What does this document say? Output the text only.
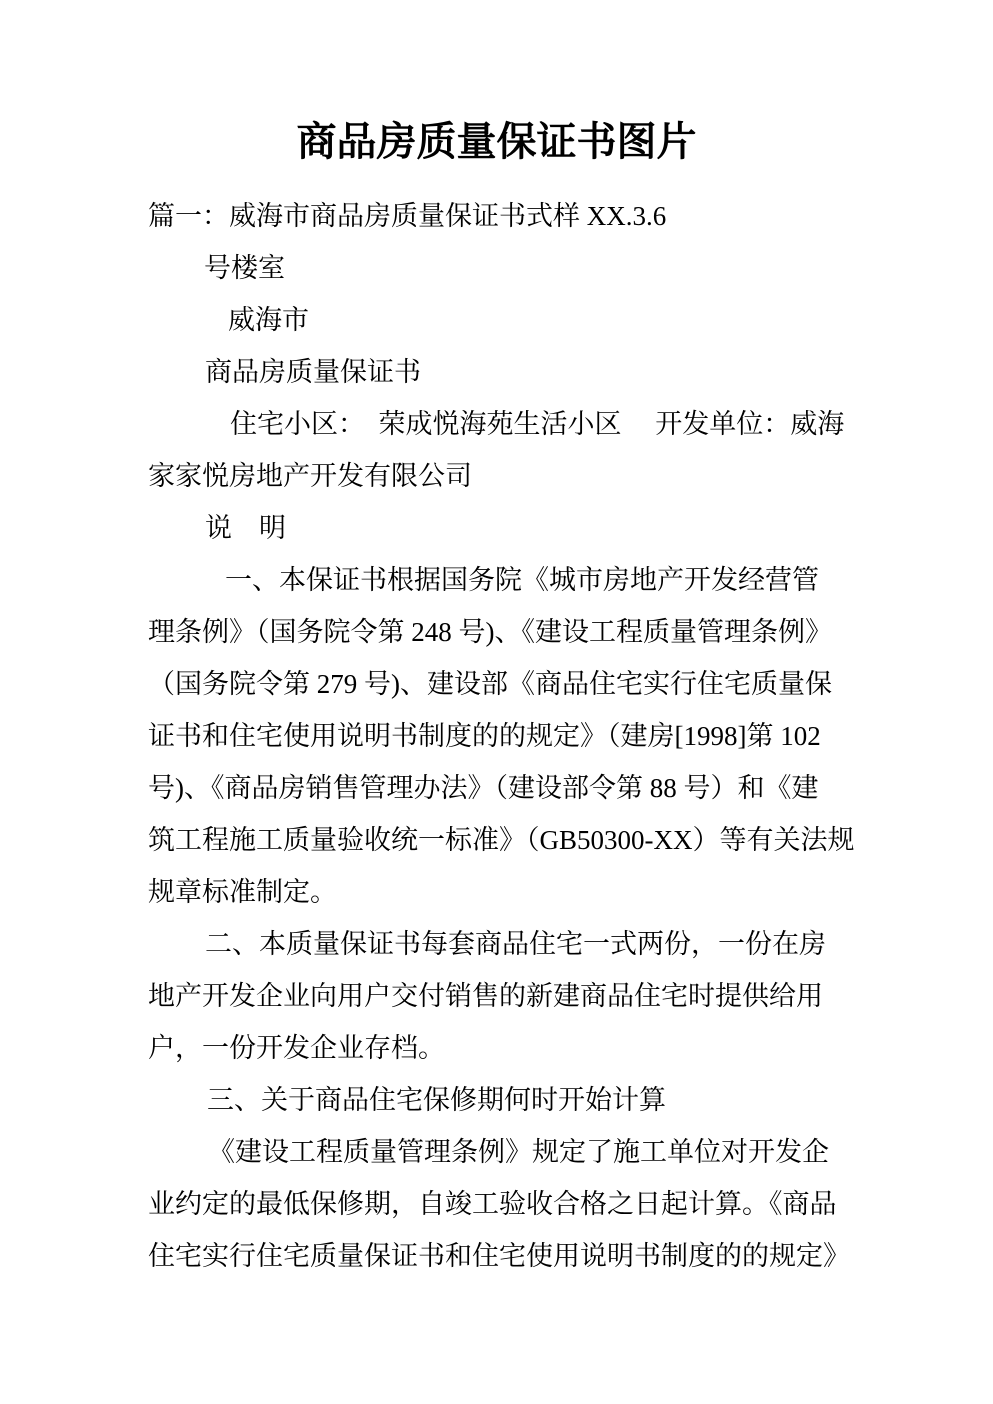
商品房质量保证书图片
篇一：威海市商品房质量保证书式样 XX.3.6
号楼室
威海市
商品房质量保证书
住宅小区：　荣成悦海苑生活小区　 开发单位：威海
家家悦房地产开发有限公司
说　明
一、本保证书根据国务院《城市房地产开发经营管
理条例》（国务院令第 248 号)、《建设工程质量管理条例》
（国务院令第 279 号)、建设部《商品住宅实行住宅质量保
证书和住宅使用说明书制度的的规定》（建房[1998]第 102
号)、《商品房销售管理办法》（建设部令第 88 号）和《建
筑工程施工质量验收统一标准》（GB50300-XX）等有关法规
规章标准制定。
二、本质量保证书每套商品住宅一式两份，一份在房
地产开发企业向用户交付销售的新建商品住宅时提供给用
户，一份开发企业存档。
三、关于商品住宅保修期何时开始计算
《建设工程质量管理条例》规定了施工单位对开发企
业约定的最低保修期，自竣工验收合格之日起计算。《商品
住宅实行住宅质量保证书和住宅使用说明书制度的的规定》
